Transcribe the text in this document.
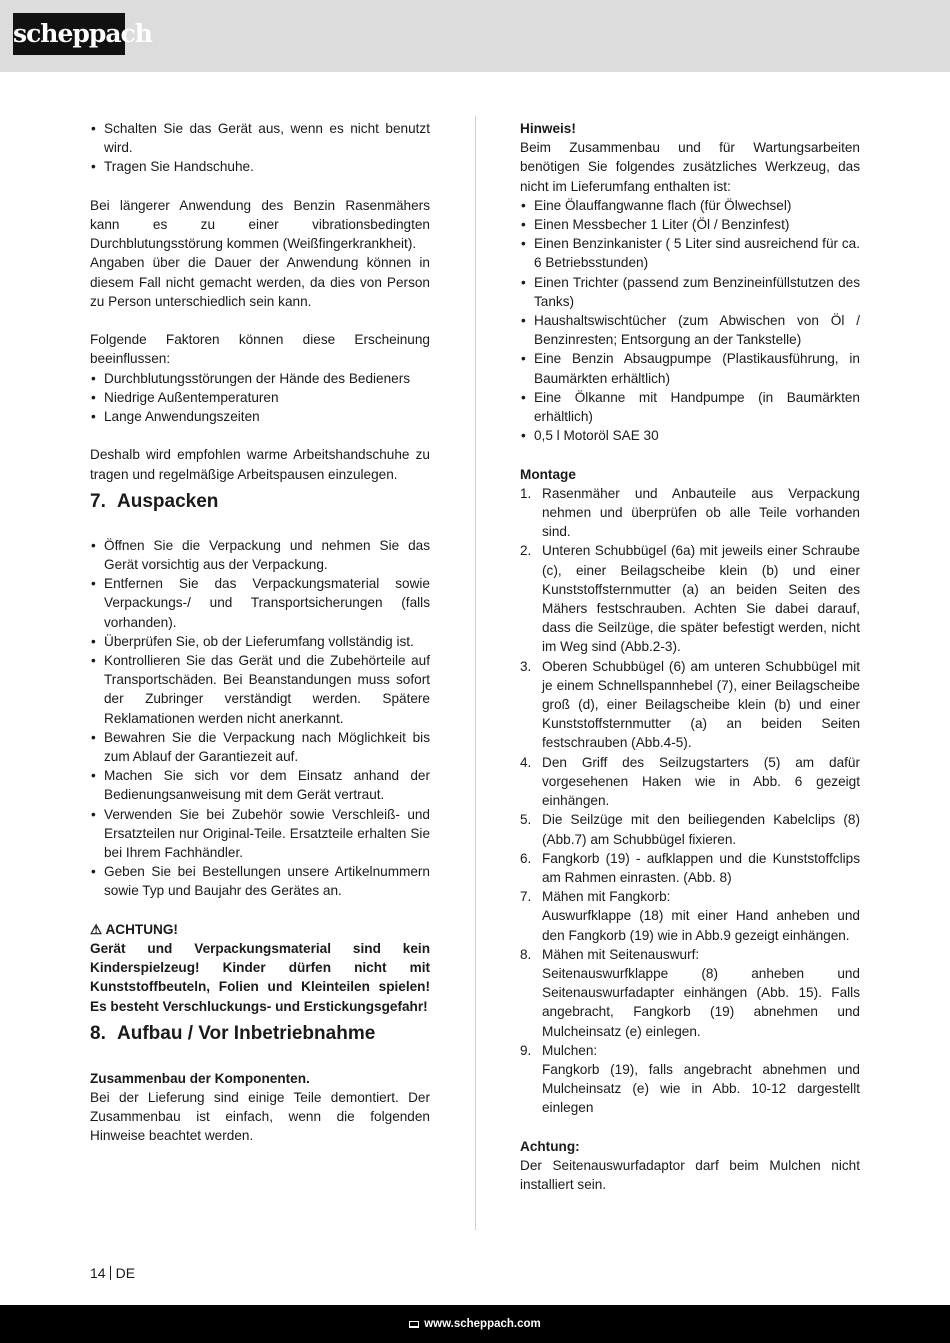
scheppach
• Schalten Sie das Gerät aus, wenn es nicht benutzt wird.
• Tragen Sie Handschuhe.

Bei längerer Anwendung des Benzin Rasenmähers kann es zu einer vibrationsbedingten Durchblutungsstörung kommen (Weißfingerkrankheit).

Angaben über die Dauer der Anwendung können in diesem Fall nicht gemacht werden, da dies von Person zu Person unterschiedlich sein kann.

Folgende Faktoren können diese Erscheinung beeinflussen:

• Durchblutungsstörungen der Hände des Bedieners
• Niedrige Außentemperaturen
• Lange Anwendungszeiten

Deshalb wird empfohlen warme Arbeitshandschuhe zu tragen und regelmäßige Arbeitspausen einzulegen.

7. Auspacken
• Öffnen Sie die Verpackung und nehmen Sie das Gerät vorsichtig aus der Verpackung.
• Entfernen Sie das Verpackungsmaterial sowie Verpackungs-/ und Transportsicherungen (falls vorhanden).
• Überprüfen Sie, ob der Lieferumfang vollständig ist.
• Kontrollieren Sie das Gerät und die Zubehörteile auf Transportschäden. Bei Beanstandungen muss sofort der Zubringer verständigt werden. Spätere Reklamationen werden nicht anerkannt.
• Bewahren Sie die Verpackung nach Möglichkeit bis zum Ablauf der Garantiezeit auf.
• Machen Sie sich vor dem Einsatz anhand der Bedienungsanweisung mit dem Gerät vertraut.
• Verwenden Sie bei Zubehör sowie Verschleiß- und Ersatzteilen nur Original-Teile. Ersatzteile erhalten Sie bei Ihrem Fachhändler.
• Geben Sie bei Bestellungen unsere Artikelnummern sowie Typ und Baujahr des Gerätes an.

⚠ ACHTUNG!

Gerät und Verpackungsmaterial sind kein Kinderspielzeug! Kinder dürfen nicht mit Kunststoffbeuteln, Folien und Kleinteilen spielen! Es besteht Verschluckungs- und Erstickungsgefahr!

8. Aufbau / Vor Inbetriebnahme

Zusammenbau der Komponenten.

Bei der Lieferung sind einige Teile demontiert. Der Zusammenbau ist einfach, wenn die folgenden Hinweise beachtet werden.

Hinweis!

Beim Zusammenbau und für Wartungsarbeiten benötigen Sie folgendes zusätzliches Werkzeug, das nicht im Lieferumfang enthalten ist:

• Eine Ölauffangwanne flach (für Ölwechsel)
• Einen Messbecher 1 Liter (Öl / Benzinfest)
• Einen Benzinkanister ( 5 Liter sind ausreichend für ca. 6 Betriebsstunden)
• Einen Trichter (passend zum Benzineinfüllstutzen des Tanks)
• Haushaltswischtücher (zum Abwischen von Öl / Benzinresten; Entsorgung an der Tankstelle)
• Eine Benzin Absaugpumpe (Plastikausführung, in Baumärkten erhältlich)
• Eine Ölkanne mit Handpumpe (in Baumärkten erhältlich)
• 0,5 l Motoröl SAE 30

Montage

1. Rasenmäher und Anbauteile aus Verpackung nehmen und überprüfen ob alle Teile vorhanden sind.
2. Unteren Schubbügel (6a) mit jeweils einer Schraube (c), einer Beilagscheibe klein (b) und einer Kunststoffsternmutter (a) an beiden Seiten des Mähers festschrauben. Achten Sie dabei darauf, dass die Seilzüge, die später befestigt werden, nicht im Weg sind (Abb.2-3).
3. Oberen Schubbügel (6) am unteren Schubbügel mit je einem Schnellspannhebel (7), einer Beilagscheibe groß (d), einer Beilagscheibe klein (b) und einer Kunststoffsternmutter (a) an beiden Seiten festschrauben (Abb.4-5).
4. Den Griff des Seilzugstarters (5) am dafür vorgesehenen Haken wie in Abb. 6 gezeigt einhängen.
5. Die Seilzüge mit den beiliegenden Kabelclips (8) (Abb.7) am Schubbügel fixieren.
6. Fangkorb (19) - aufklappen und die Kunststoffclips am Rahmen einrasten. (Abb. 8)
7. Mähen mit Fangkorb:
Auswurfklappe (18) mit einer Hand anheben und den Fangkorb (19) wie in Abb.9 gezeigt einhängen.
8. Mähen mit Seitenauswurf:
Seitenauswurfklappe (8) anheben und Seitenauswurfadapter einhängen (Abb. 15). Falls angebracht, Fangkorb (19) abnehmen und Mulcheinsatz (e) einlegen.
9. Mulchen:
Fangkorb (19), falls angebracht abnehmen und Mulcheinsatz (e) wie in Abb. 10-12 dargestellt einlegen

Achtung:

Der Seitenauswurfadaptor darf beim Mulchen nicht installiert sein.

14 DE
www.scheppach.com
